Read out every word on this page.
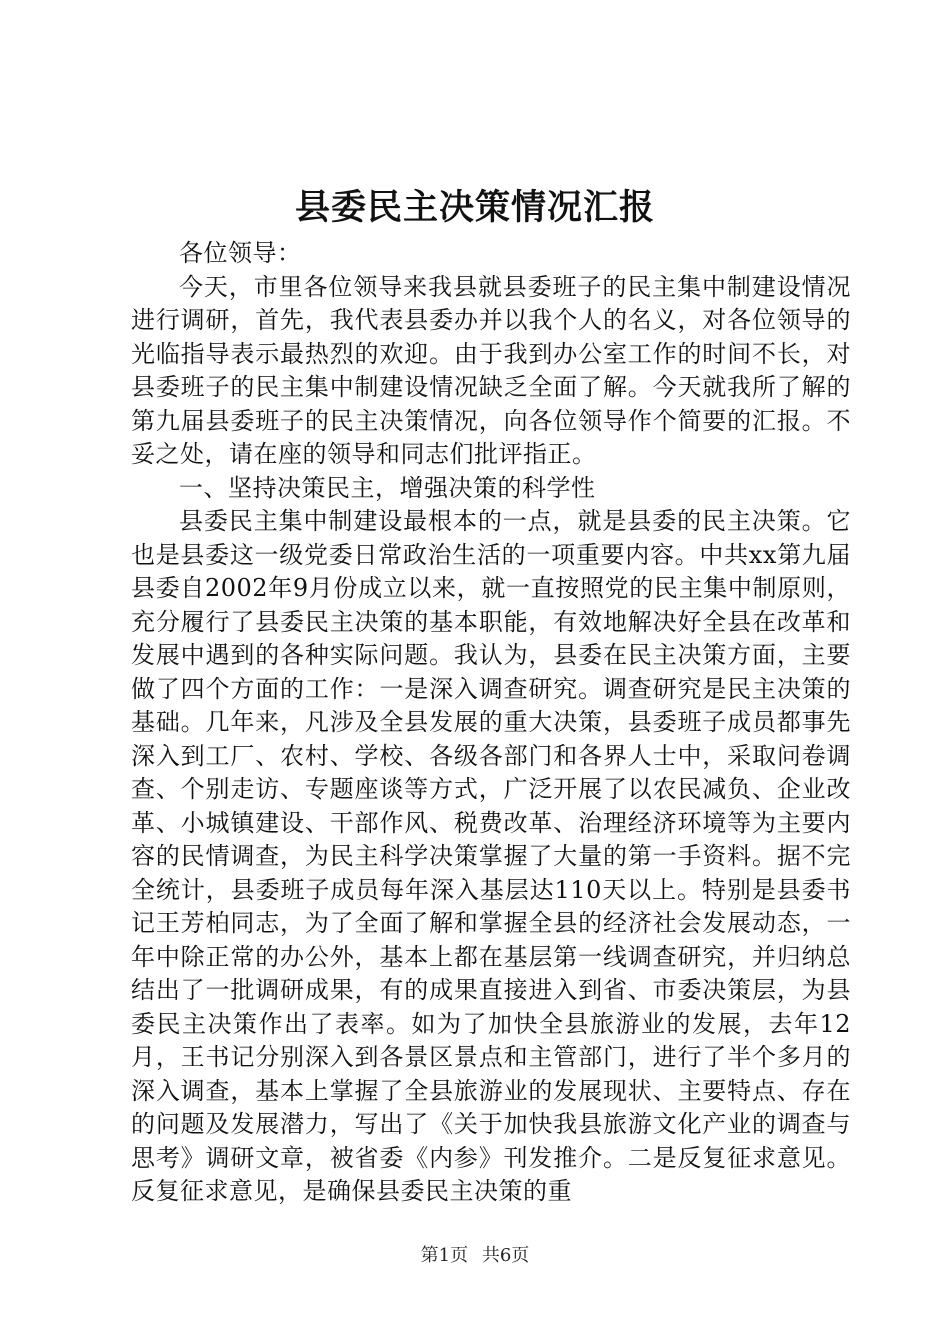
县委民主决策情况汇报

各位领导：

今天，市里各位领导来我县就县委班子的民主集中制建设情况进行调研，首先，我代表县委办并以我个人的名义，对各位领导的光临指导表示最热烈的欢迎。由于我到办公室工作的时间不长，对县委班子的民主集中制建设情况缺乏全面了解。今天就我所了解的第九届县委班子的民主决策情况，向各位领导作个简要的汇报。不妥之处，请在座的领导和同志们批评指正。

一、坚持决策民主，增强决策的科学性

县委民主集中制建设最根本的一点，就是县委的民主决策。它也是县委这一级党委日常政治生活的一项重要内容。中共xx第九届县委自2002年9月份成立以来，就一直按照党的民主集中制原则，充分履行了县委民主决策的基本职能，有效地解决好全县在改革和发展中遇到的各种实际问题。我认为，县委在民主决策方面，主要做了四个方面的工作：一是深入调查研究。调查研究是民主决策的基础。几年来，凡涉及全县发展的重大决策，县委班子成员都事先深入到工厂、农村、学校、各级各部门和各界人士中，采取问卷调查、个别走访、专题座谈等方式，广泛开展了以农民减负、企业改革、小城镇建设、干部作风、税费改革、治理经济环境等为主要内容的民情调查，为民主科学决策掌握了大量的第一手资料。据不完全统计，县委班子成员每年深入基层达110天以上。特别是县委书记王芳柏同志，为了全面了解和掌握全县的经济社会发展动态，一年中除正常的办公外，基本上都在基层第一线调查研究，并归纳总结出了一批调研成果，有的成果直接进入到省、市委决策层，为县委民主决策作出了表率。如为了加快全县旅游业的发展，去年12月，王书记分别深入到各景区景点和主管部门，进行了半个多月的深入调查，基本上掌握了全县旅游业的发展现状、主要特点、存在的问题及发展潜力，写出了《关于加快我县旅游文化产业的调查与思考》调研文章，被省委《内参》刊发推介。二是反复征求意见。反复征求意见，是确保县委民主决策的重

第1页 共6页
